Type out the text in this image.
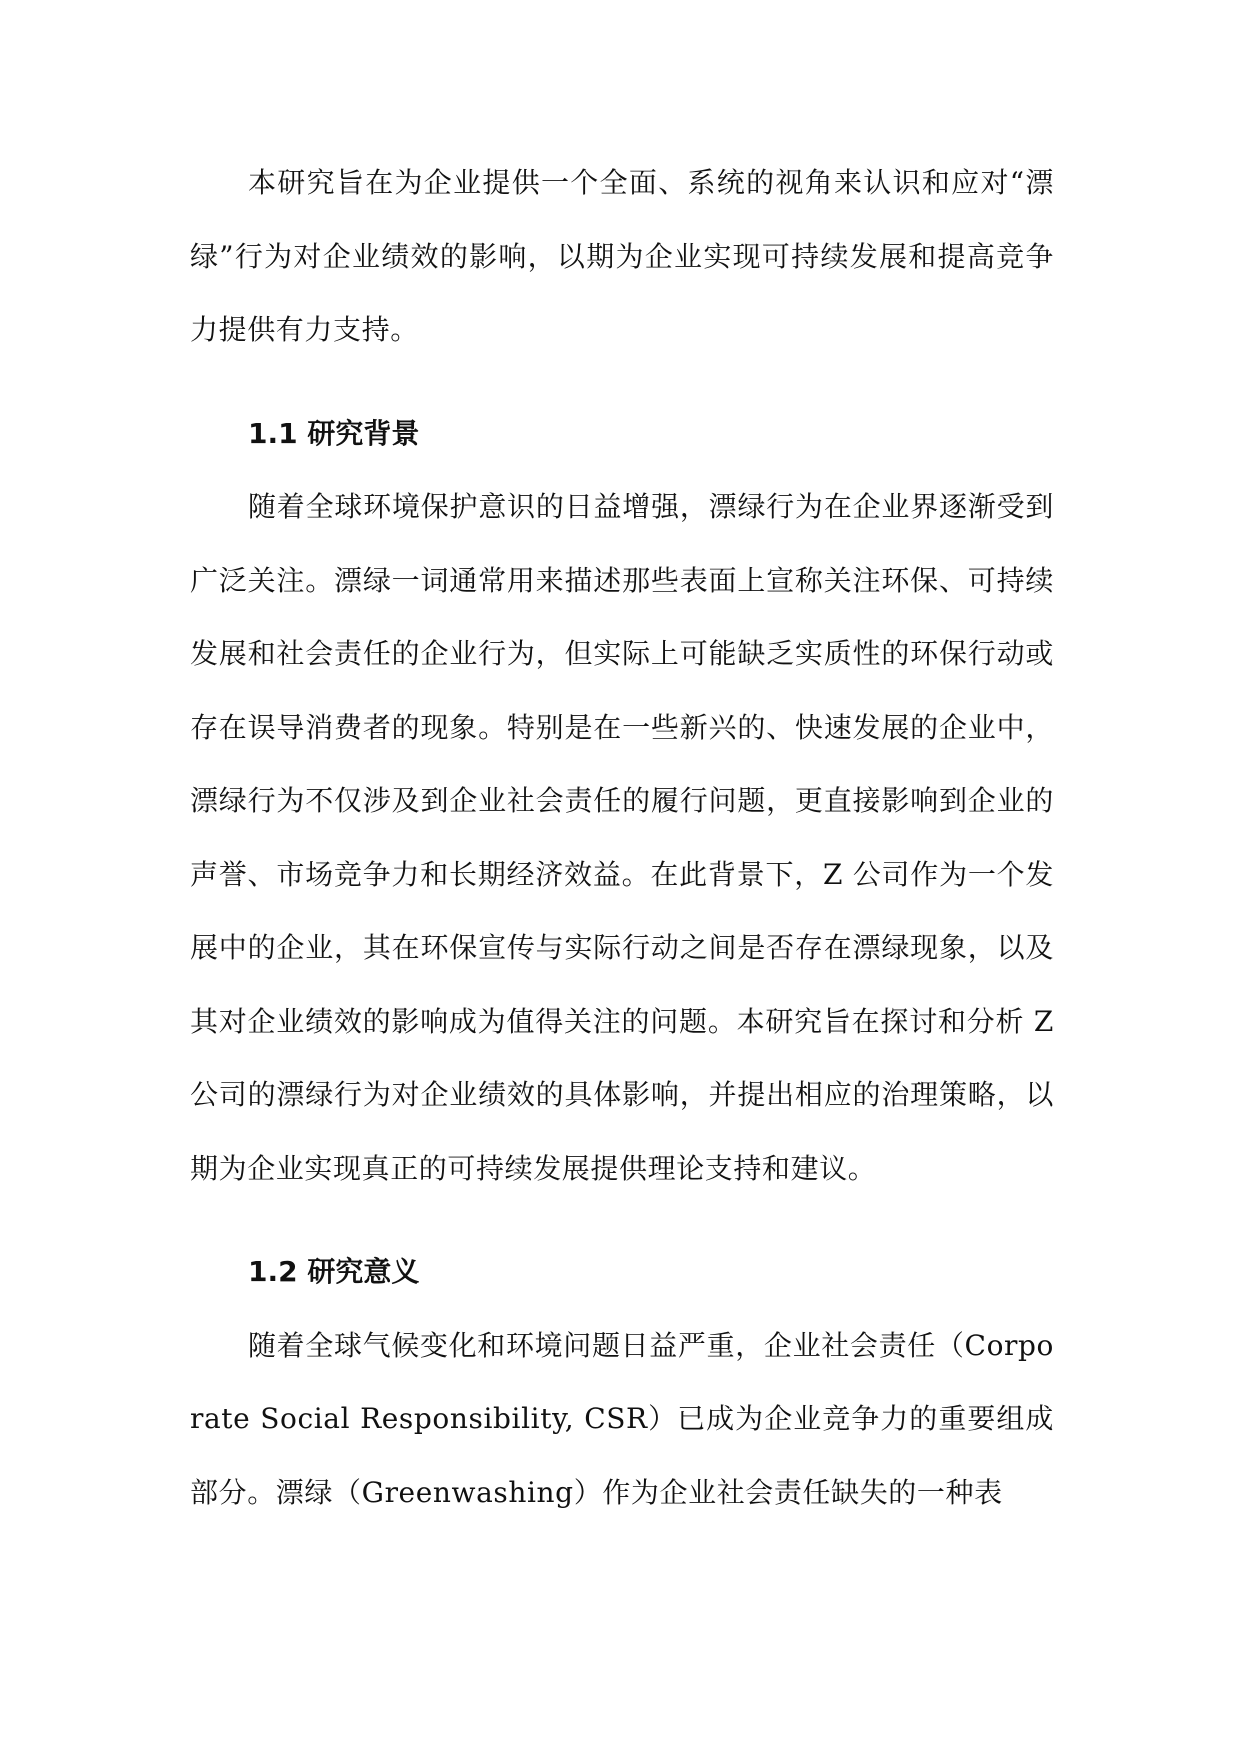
本研究旨在为企业提供一个全面、系统的视角来认识和应对“漂绿”行为对企业绩效的影响，以期为企业实现可持续发展和提高竞争力提供有力支持。

1.1 研究背景

随着全球环境保护意识的日益增强，漂绿行为在企业界逐渐受到广泛关注。漂绿一词通常用来描述那些表面上宣称关注环保、可持续发展和社会责任的企业行为，但实际上可能缺乏实质性的环保行动或存在误导消费者的现象。特别是在一些新兴的、快速发展的企业中，漂绿行为不仅涉及到企业社会责任的履行问题，更直接影响到企业的声誉、市场竞争力和长期经济效益。在此背景下，Z 公司作为一个发展中的企业，其在环保宣传与实际行动之间是否存在漂绿现象，以及其对企业绩效的影响成为值得关注的问题。本研究旨在探讨和分析 Z 公司的漂绿行为对企业绩效的具体影响，并提出相应的治理策略，以期为企业实现真正的可持续发展提供理论支持和建议。

1.2 研究意义

随着全球气候变化和环境问题日益严重，企业社会责任（Corporate Social Responsibility, CSR）已成为企业竞争力的重要组成部分。漂绿（Greenwashing）作为企业社会责任缺失的一种表
